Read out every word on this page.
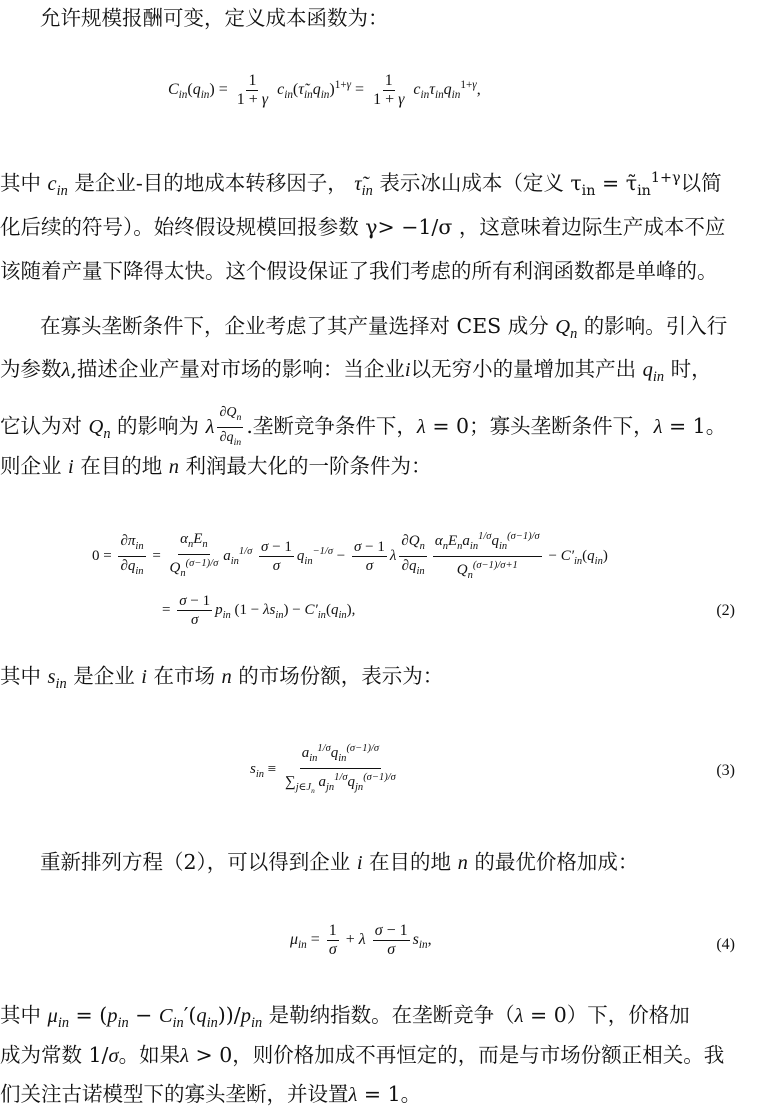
允许规模报酬可变，定义成本函数为：
$C_{in}(q_{in}) = \frac{1}{1 + \gamma}$ $c_{in}(\taũ_{in}q_{in})^{1+\gamma} = \frac{1}{1 + \gamma} c_{in}\tau_{in}q_{in}^{1+\gamma}$,
其中 $c_{in}$ 是企业-目的地成本转移因子， $\taũ_{in}$ 表示冰山成本（定义 $\tau_{in}$ = $\taũ_{in}^{1+\gamma}$以简
化后续的符号）。始终假设规模回报参数 γ> −1/σ ，这意味着边际生产成本不应
该随着产量下降得太快。这个假设保证了我们考虑的所有利润函数都是单峰的。
在寡头垄断条件下，企业考虑了其产量选择对 CES 成分 $Q_n$ 的影响。引入行
为参数λ,描述企业产量对市场的影响：当企业i以无穷小的量增加其产出 $q_{in}$ 时，
它认为对 $Q_n$ 的影响为 λ $\frac{\partial Q_n}{\partial q_{in}}$ .垄断竞争条件下，λ = 0；寡头垄断条件下，λ = 1。
则企业 i 在目的地 n 利润最大化的一阶条件为：
$0 = \frac{\partial\pi_{in}}{\partial q_{in}} = \frac{\alpha_nE_n}{Q_n^{(\sigma-1)/\sigma}} a_{in}^{1/\sigma} \frac{\sigma - 1}{\sigma} q_{in}^{-1/\sigma} - \frac{\sigma - 1}{\sigma}$ λ $\frac{\partial Q_n}{\partial q_{in}} \frac{\alpha_nE_na_{in}^{1/\sigma}q_{in}^{(\sigma-1)/\sigma}}{Q_n^{(\sigma-1)/\sigma+1}} - C'_{in}(q_{in})$
= $\frac{\sigma - 1}{\sigma} p_{in}$ $(1 - \lambda s_{in}) - C'_{in}(q_{in})$,	(2)
其中 $s_{in}$ 是企业 i 在市场 n 的市场份额，表示为：
$s_{in} \equiv \frac{a_{in}^{1/\sigma}q_{in}^{(\sigma-1)/\sigma}}{\sum_{j\in J_n} a_{jn}^{1/\sigma}q_{jn}^{(\sigma-1)/\sigma}}$	(3)
重新排列方程（2），可以得到企业 i 在目的地 n 的最优价格加成：
$\mu_{in} = \frac{1}{\sigma} + \lambda \frac{\sigma - 1}{\sigma} s_{in}$,	(4)
其中 $\mu_{in} = (p_{in} - C_{in}'(q_{in}))/p_{in}$ 是勒纳指数。在垄断竞争（λ = 0）下，价格加
成为常数 1/σ。如果λ > 0，则价格加成不再恒定的，而是与市场份额正相关。我
们关注古诺模型下的寡头垄断，并设置λ = 1。
